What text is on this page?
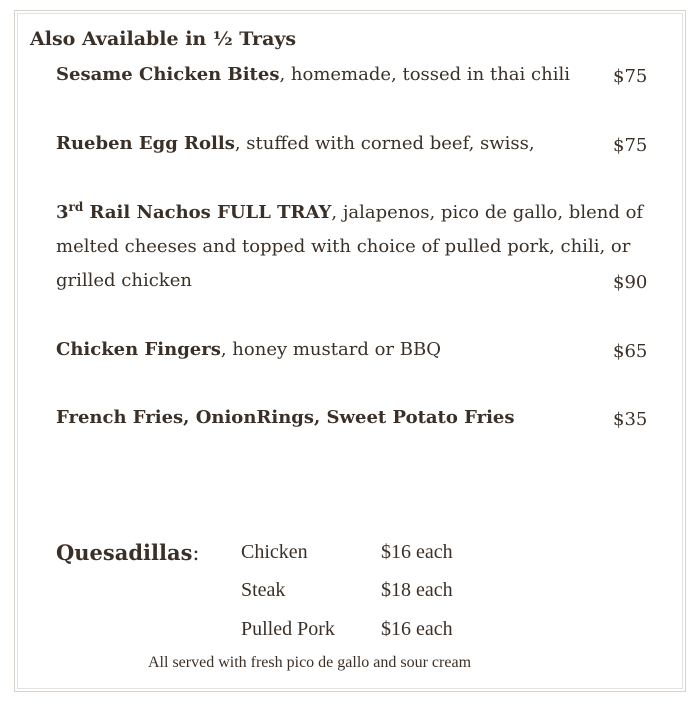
Also Available in ½ Trays
Sesame Chicken Bites, homemade, tossed in thai chili $75
Rueben Egg Rolls, stuffed with corned beef, swiss,	$75
3rd Rail Nachos FULL TRAY, jalapenos, pico de gallo, blend of
melted cheeses and topped with choice of pulled pork, chili, or
grilled chicken	$90
Chicken Fingers, honey mustard or BBQ	$65
French Fries, OnionRings, Sweet Potato Fries	$35
Quesadillas: Chicken	$16 each
Steak	$18 each
Pulled Pork $16 each
All served with fresh pico de gallo and sour cream
